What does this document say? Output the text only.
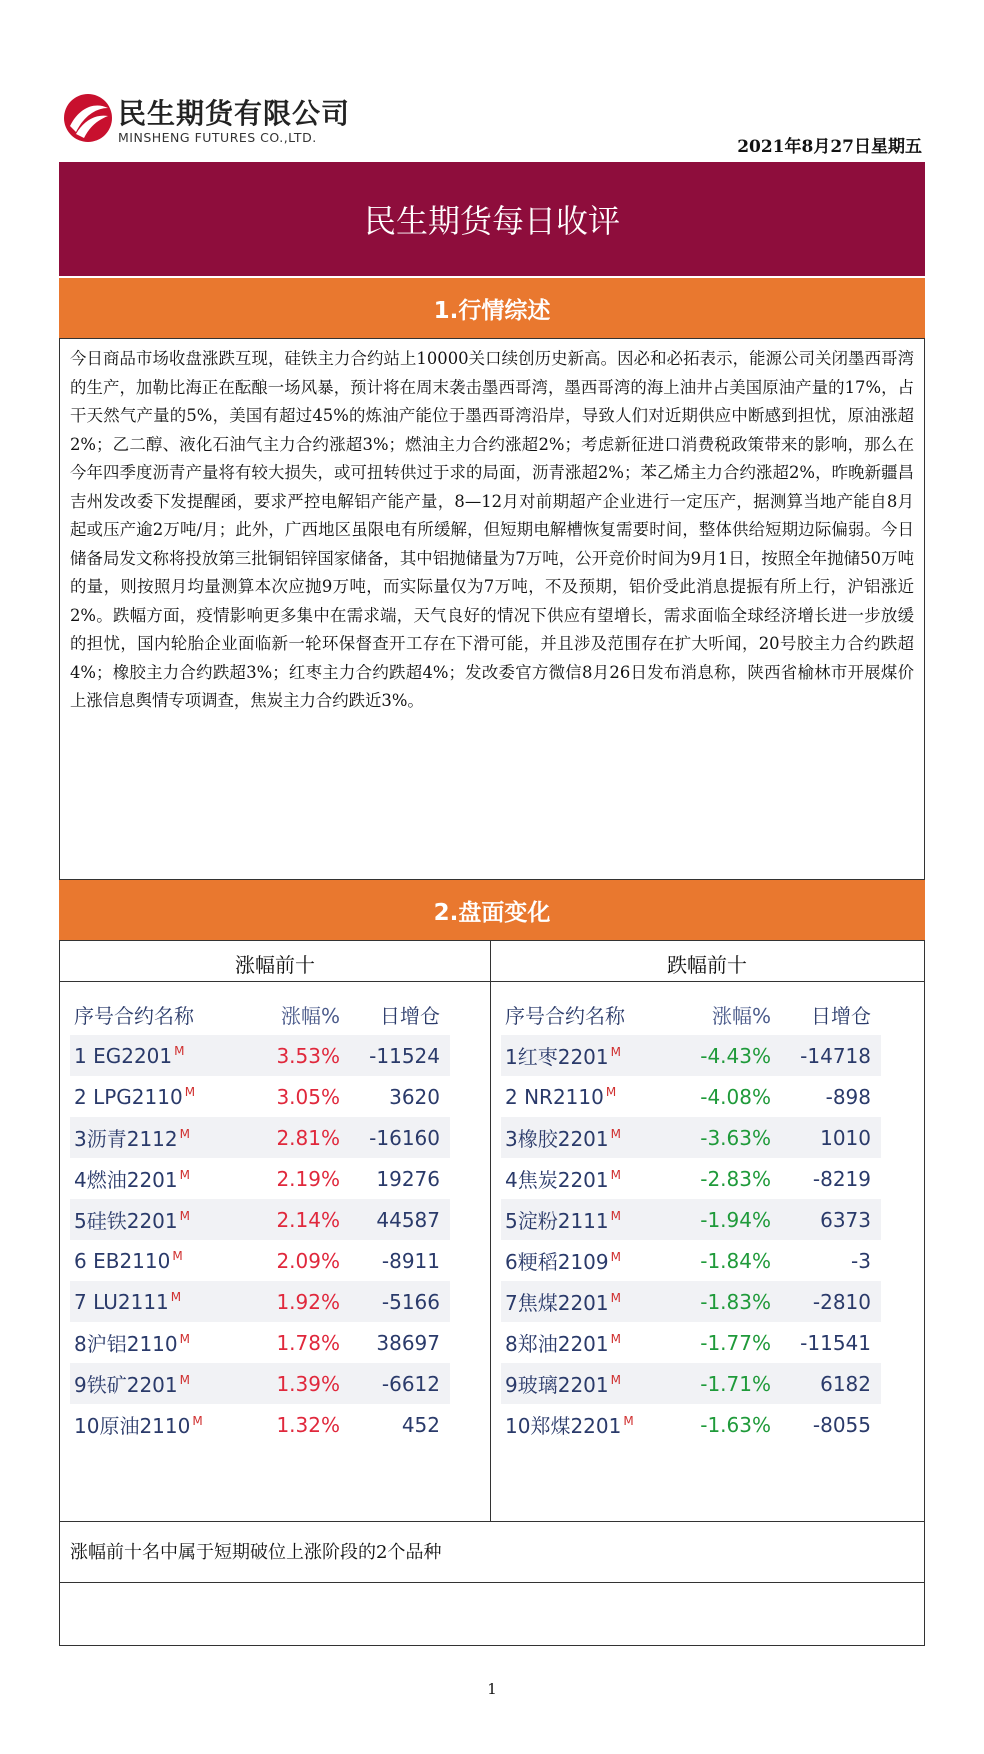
民生期货有限公司
MINSHENG FUTURES CO.,LTD.	2021年8月27日星期五
民生期货每日收评
1.行情综述

今日商品市场收盘涨跌互现，硅铁主力合约站上10000关口续创历史新高。因必和必拓表示，能源公司关闭墨西哥湾的生产，加勒比海正在酝酿一场风暴，预计将在周末袭击墨西哥湾，墨西哥湾的海上油井占美国原油产量的17%，占干天然气产量的5%，美国有超过45%的炼油产能位于墨西哥湾沿岸，导致人们对近期供应中断感到担忧，原油涨超2%；乙二醇、液化石油气主力合约涨超3%；燃油主力合约涨超2%；考虑新征进口消费税政策带来的影响，那么在今年四季度沥青产量将有较大损失，或可扭转供过于求的局面，沥青涨超2%；苯乙烯主力合约涨超2%，昨晚新疆昌吉州发改委下发提醒函，要求严控电解铝产能产量，8—12月对前期超产企业进行一定压产，据测算当地产能自8月起或压产逾2万吨/月；此外，广西地区虽限电有所缓解，但短期电解槽恢复需要时间，整体供给短期边际偏弱。今日储备局发文称将投放第三批铜铝锌国家储备，其中铝抛储量为7万吨，公开竞价时间为9月1日，按照全年抛储50万吨的量，则按照月均量测算本次应抛9万吨，而实际量仅为7万吨，不及预期，铝价受此消息提振有所上行，沪铝涨近2%。跌幅方面，疫情影响更多集中在需求端，天气良好的情况下供应有望增长，需求面临全球经济增长进一步放缓的担忧，国内轮胎企业面临新一轮环保督查开工存在下滑可能，并且涉及范围存在扩大听闻，20号胶主力合约跌超4%；橡胶主力合约跌超3%；红枣主力合约跌超4%；发改委官方微信8月26日发布消息称，陕西省榆林市开展煤价上涨信息舆情专项调查，焦炭主力合约跌近3%。

2.盘面变化
涨幅前十	跌幅前十
序号合约名称	涨幅%	日增仓
1 EG2201 $^M$	3.53%	-11524
2 LPG2110 $^M$	3.05%	3620
3沥青2112 $^M$	2.81%	-16160
4燃油2201 $^M$	2.19%	19276
5硅铁2201 $^M$	2.14%	44587
6 EB2110 $^M$	2.09%	-8911
7 LU2111 $^M$	1.92%	-5166
8沪铝2110 $^M$	1.78%	38697
9铁矿2201 $^M$	1.39%	-6612
10原油2110 $^M$	1.32%	452
序号合约名称	涨幅%	日增仓
1红枣2201 $^M$	-4.43%	-14718
2 NR2110 $^M$	-4.08%	-898
3橡胶2201 $^M$	-3.63%	1010
4焦炭2201 $^M$	-2.83%	-8219
5淀粉2111 $^M$	-1.94%	6373
6粳稻2109 $^M$	-1.84%	-3
7焦煤2201 $^M$	-1.83%	-2810
8郑油2201 $^M$	-1.77%	-11541
9玻璃2201 $^M$	-1.71%	6182
10郑煤2201 $^M$	-1.63%	-8055
涨幅前十名中属于短期破位上涨阶段的2个品种
1
